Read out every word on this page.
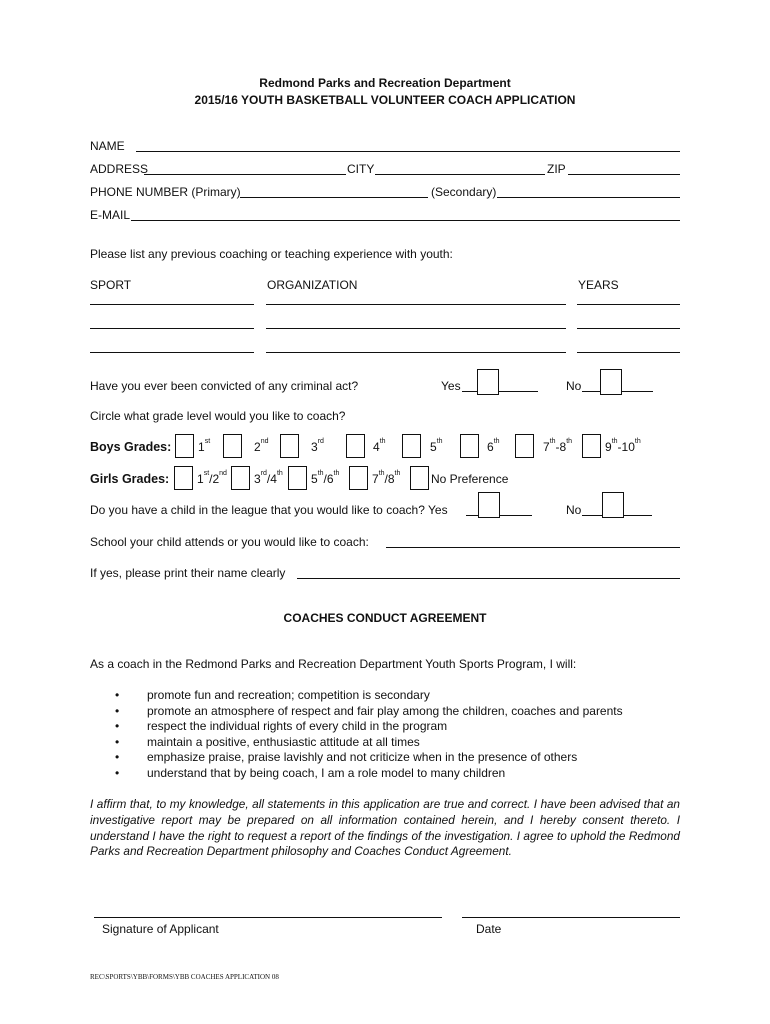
Redmond Parks and Recreation Department
2015/16 YOUTH BASKETBALL VOLUNTEER COACH APPLICATION
NAME
ADDRESS	CITY	ZIP
PHONE NUMBER (Primary)	(Secondary)
E-MAIL
Please list any previous coaching or teaching experience with youth:
SPORT	ORGANIZATION	YEARS
Have you ever been convicted of any criminal act?	Yes	No
Circle what grade level would you like to coach?
Boys Grades: 1st	2nd	3rd	4th	5th	6th	7th-8th	9th-10th
Girls Grades: 1st/2nd 3rd/4th 5th/6th	7th/8th	No Preference
Do you have a child in the league that you would like to coach? Yes	No
School your child attends or you would like to coach:
If yes, please print their name clearly
COACHES CONDUCT AGREEMENT
As a coach in the Redmond Parks and Recreation Department Youth Sports Program, I will:
• promote fun and recreation; competition is secondary
• promote an atmosphere of respect and fair play among the children, coaches and parents
• respect the individual rights of every child in the program
• maintain a positive, enthusiastic attitude at all times
• emphasize praise, praise lavishly and not criticize when in the presence of others
• understand that by being coach, I am a role model to many children
I affirm that, to my knowledge, all statements in this application are true and correct. I have been advised that an investigative report may be prepared on all information contained herein, and I hereby consent thereto. I understand I have the right to request a report of the findings of the investigation. I agree to uphold the Redmond Parks and Recreation Department philosophy and Coaches Conduct Agreement.
Signature of Applicant	Date
REC\SPORTS\YBB\FORMS\YBB COACHES APPLICATION 08
